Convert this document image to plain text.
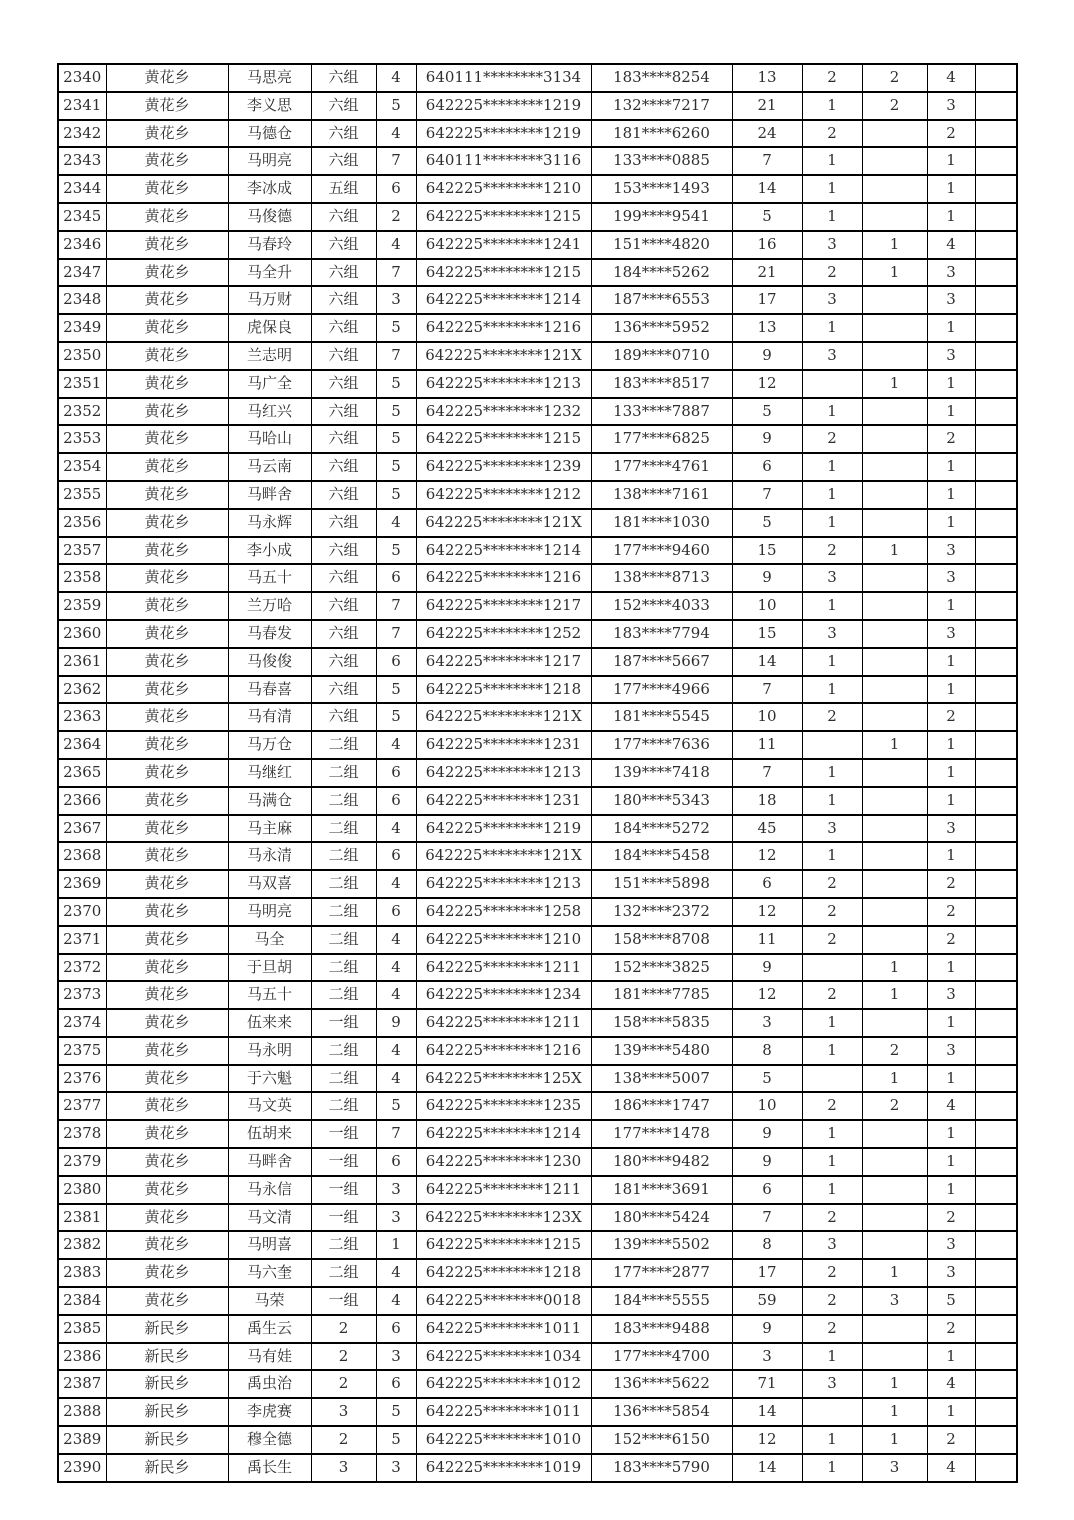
2340	黄花乡	马思亮	六组	4	640111********3134	183****8254	13	2	2	4	
2341	黄花乡	李义思	六组	5	642225********1219	132****7217	21	1	2	3	
2342	黄花乡	马德仓	六组	4	642225********1219	181****6260	24	2		2	
2343	黄花乡	马明亮	六组	7	640111********3116	133****0885	7	1		1	
2344	黄花乡	李冰成	五组	6	642225********1210	153****1493	14	1		1	
2345	黄花乡	马俊德	六组	2	642225********1215	199****9541	5	1		1	
2346	黄花乡	马春玲	六组	4	642225********1241	151****4820	16	3	1	4	
2347	黄花乡	马全升	六组	7	642225********1215	184****5262	21	2	1	3	
2348	黄花乡	马万财	六组	3	642225********1214	187****6553	17	3		3	
2349	黄花乡	虎保良	六组	5	642225********1216	136****5952	13	1		1	
2350	黄花乡	兰志明	六组	7	642225********121X	189****0710	9	3		3	
2351	黄花乡	马广全	六组	5	642225********1213	183****8517	12		1	1	
2352	黄花乡	马红兴	六组	5	642225********1232	133****7887	5	1		1	
2353	黄花乡	马哈山	六组	5	642225********1215	177****6825	9	2		2	
2354	黄花乡	马云南	六组	5	642225********1239	177****4761	6	1		1	
2355	黄花乡	马畔舍	六组	5	642225********1212	138****7161	7	1		1	
2356	黄花乡	马永辉	六组	4	642225********121X	181****1030	5	1		1	
2357	黄花乡	李小成	六组	5	642225********1214	177****9460	15	2	1	3	
2358	黄花乡	马五十	六组	6	642225********1216	138****8713	9	3		3	
2359	黄花乡	兰万哈	六组	7	642225********1217	152****4033	10	1		1	
2360	黄花乡	马春发	六组	7	642225********1252	183****7794	15	3		3	
2361	黄花乡	马俊俊	六组	6	642225********1217	187****5667	14	1		1	
2362	黄花乡	马春喜	六组	5	642225********1218	177****4966	7	1		1	
2363	黄花乡	马有清	六组	5	642225********121X	181****5545	10	2		2	
2364	黄花乡	马万仓	二组	4	642225********1231	177****7636	11		1	1	
2365	黄花乡	马继红	二组	6	642225********1213	139****7418	7	1		1	
2366	黄花乡	马满仓	二组	6	642225********1231	180****5343	18	1		1	
2367	黄花乡	马主麻	二组	4	642225********1219	184****5272	45	3		3	
2368	黄花乡	马永清	二组	6	642225********121X	184****5458	12	1		1	
2369	黄花乡	马双喜	二组	4	642225********1213	151****5898	6	2		2	
2370	黄花乡	马明亮	二组	6	642225********1258	132****2372	12	2		2	
2371	黄花乡	马全	二组	4	642225********1210	158****8708	11	2		2	
2372	黄花乡	于旦胡	二组	4	642225********1211	152****3825	9		1	1	
2373	黄花乡	马五十	二组	4	642225********1234	181****7785	12	2	1	3	
2374	黄花乡	伍来来	一组	9	642225********1211	158****5835	3	1		1	
2375	黄花乡	马永明	二组	4	642225********1216	139****5480	8	1	2	3	
2376	黄花乡	于六魁	二组	4	642225********125X	138****5007	5		1	1	
2377	黄花乡	马文英	二组	5	642225********1235	186****1747	10	2	2	4	
2378	黄花乡	伍胡来	一组	7	642225********1214	177****1478	9	1		1	
2379	黄花乡	马畔舍	一组	6	642225********1230	180****9482	9	1		1	
2380	黄花乡	马永信	一组	3	642225********1211	181****3691	6	1		1	
2381	黄花乡	马文清	一组	3	642225********123X	180****5424	7	2		2	
2382	黄花乡	马明喜	二组	1	642225********1215	139****5502	8	3		3	
2383	黄花乡	马六奎	二组	4	642225********1218	177****2877	17	2	1	3	
2384	黄花乡	马荣	一组	4	642225********0018	184****5555	59	2	3	5	
2385	新民乡	禹生云	2	6	642225********1011	183****9488	9	2		2	
2386	新民乡	马有娃	2	3	642225********1034	177****4700	3	1		1	
2387	新民乡	禹虫治	2	6	642225********1012	136****5622	71	3	1	4	
2388	新民乡	李虎赛	3	5	642225********1011	136****5854	14		1	1	
2389	新民乡	穆全德	2	5	642225********1010	152****6150	12	1	1	2	
2390	新民乡	禹长生	3	3	642225********1019	183****5790	14	1	3	4	
